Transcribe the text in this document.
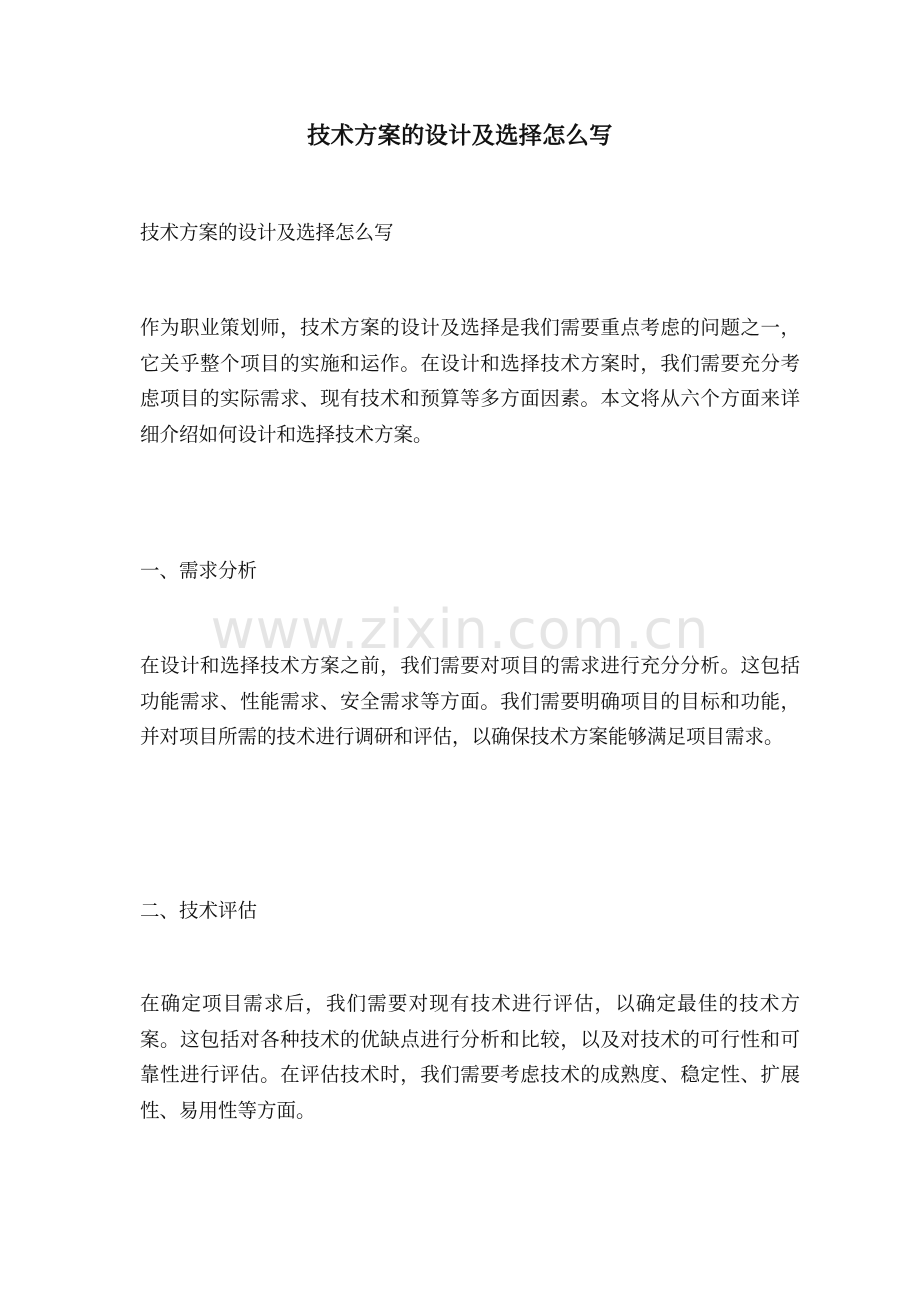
技术方案的设计及选择怎么写

技术方案的设计及选择怎么写

作为职业策划师，技术方案的设计及选择是我们需要重点考虑的问题之一，它关乎整个项目的实施和运作。在设计和选择技术方案时，我们需要充分考虑项目的实际需求、现有技术和预算等多方面因素。本文将从六个方面来详细介绍如何设计和选择技术方案。

一、需求分析

www.zixin.com.cn

在设计和选择技术方案之前，我们需要对项目的需求进行充分分析。这包括功能需求、性能需求、安全需求等方面。我们需要明确项目的目标和功能，并对项目所需的技术进行调研和评估，以确保技术方案能够满足项目需求。

二、技术评估

在确定项目需求后，我们需要对现有技术进行评估，以确定最佳的技术方案。这包括对各种技术的优缺点进行分析和比较，以及对技术的可行性和可靠性进行评估。在评估技术时，我们需要考虑技术的成熟度、稳定性、扩展性、易用性等方面。
